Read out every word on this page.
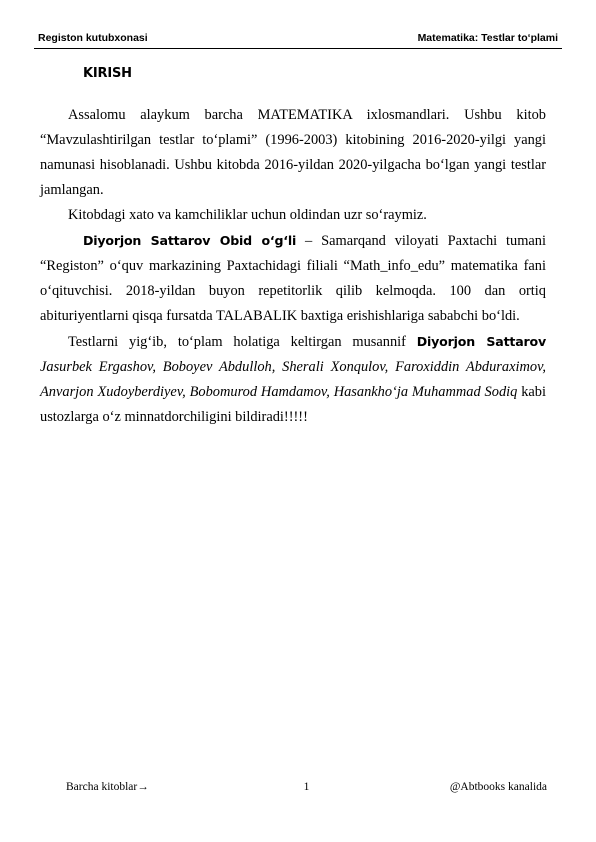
Registon kutubxonasi	Matematika: Testlar to‘plami
KIRISH

Assalomu alaykum barcha MATEMATIKA ixlosmandlari. Ushbu kitob “Mavzulashtirilgan testlar to‘plami” (1996-2003) kitobining 2016-2020-yilgi yangi namunasi hisoblanadi. Ushbu kitobda 2016-yildan 2020-yilgacha bo‘lgan yangi testlar jamlangan.

Kitobdagi xato va kamchiliklar uchun oldindan uzr so‘raymiz.

Diyorjon Sattarov Obid o‘g‘li – Samarqand viloyati Paxtachi tumani “Registon” o‘quv markazining Paxtachidagi filiali “Math_info_edu” matematika fani o‘qituvchisi. 2018-yildan buyon repetitorlik qilib kelmoqda. 100 dan ortiq abituriyentlarni qisqa fursatda TALABALIK baxtiga erishishlariga sababchi bo‘ldi.

Testlarni yig‘ib, to‘plam holatiga keltirgan musannif Diyorjon Sattarov Jasurbek Ergashov, Boboyev Abdulloh, Sherali Xonqulov, Faroxiddin Abduraximov, Anvarjon Xudoyberdiyev, Bobomurod Hamdamov, Hasankho‘ja Muhammad Sodiq kabi ustozlarga o‘z minnatdorchiligini bildiradi!!!!!

Barcha kitoblar→	1	@Abtbooks kanalida
